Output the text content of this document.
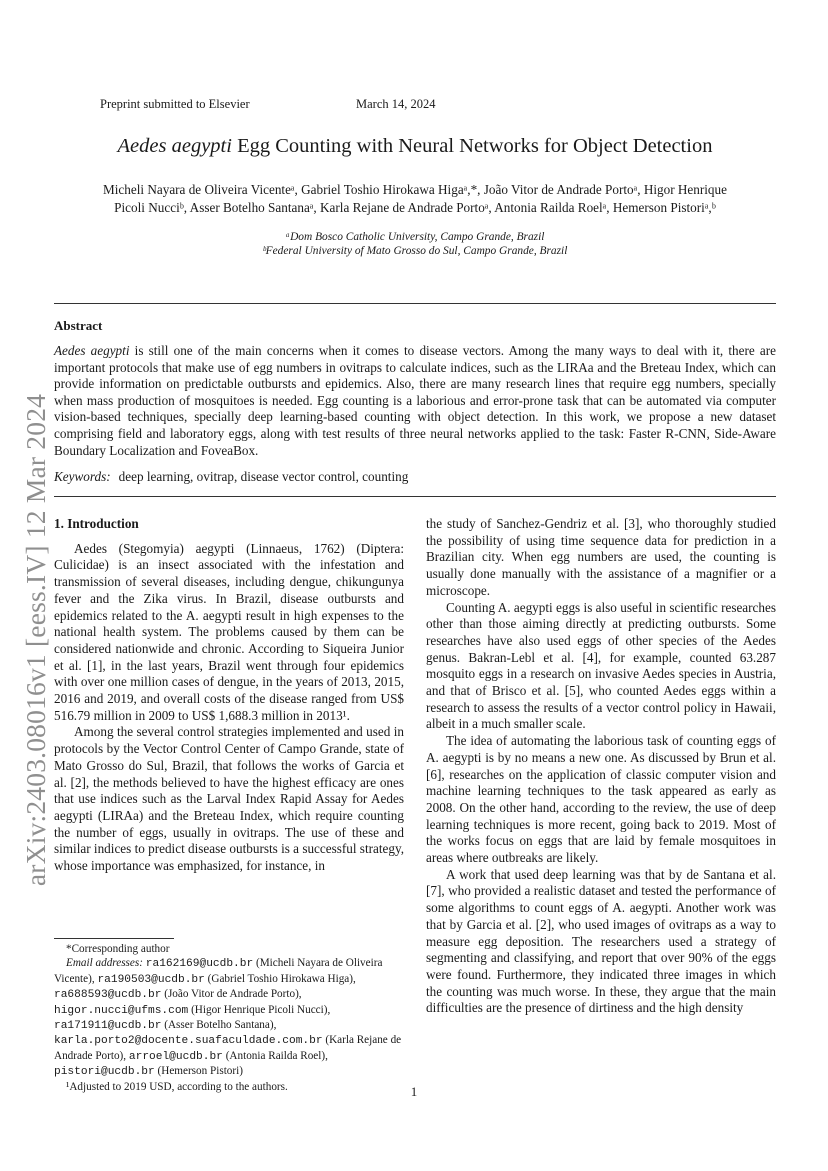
arXiv:2403.08016v1 [eess.IV] 12 Mar 2024
Preprint submitted to Elsevier	March 14, 2024
Aedes aegypti Egg Counting with Neural Networks for Object Detection
Micheli Nayara de Oliveira Vicenteᵃ, Gabriel Toshio Hirokawa Higaᵃ,*, João Vitor de Andrade Portoᵃ, Higor Henrique
Picoli Nucciᵇ, Asser Botelho Santanaᵃ, Karla Rejane de Andrade Portoᵃ, Antonia Railda Roelᵃ, Hemerson Pistoriᵃ,ᵇ
ᵃDom Bosco Catholic University, Campo Grande, Brazil
ᵇFederal University of Mato Grosso do Sul, Campo Grande, Brazil
Abstract
Aedes aegypti is still one of the main concerns when it comes to disease vectors. Among the many ways to deal with it, there are important protocols that make use of egg numbers in ovitraps to calculate indices, such as the LIRAa and the Breteau Index, which can provide information on predictable outbursts and epidemics. Also, there are many research lines that require egg numbers, specially when mass production of mosquitoes is needed. Egg counting is a laborious and error-prone task that can be automated via computer vision-based techniques, specially deep learning-based counting with object detection. In this work, we propose a new dataset comprising field and laboratory eggs, along with test results of three neural networks applied to the task: Faster R-CNN, Side-Aware Boundary Localization and FoveaBox.
Keywords: deep learning, ovitrap, disease vector control, counting
1. Introduction

Aedes (Stegomyia) aegypti (Linnaeus, 1762) (Diptera: Culicidae) is an insect associated with the infestation and transmission of several diseases, including dengue, chikungunya fever and the Zika virus. In Brazil, disease outbursts and epidemics related to the A. aegypti result in high expenses to the national health system. The problems caused by them can be considered nationwide and chronic. According to Siqueira Junior et al. [1], in the last years, Brazil went through four epidemics with over one million cases of dengue, in the years of 2013, 2015, 2016 and 2019, and overall costs of the disease ranged from US$ 516.79 million in 2009 to US$ 1,688.3 million in 2013¹.

Among the several control strategies implemented and used in protocols by the Vector Control Center of Campo Grande, state of Mato Grosso do Sul, Brazil, that follows the works of Garcia et al. [2], the methods believed to have the highest efficacy are ones that use indices such as the Larval Index Rapid Assay for Aedes aegypti (LIRAa) and the Breteau Index, which require counting the number of eggs, usually in ovitraps. The use of these and similar indices to predict disease outbursts is a successful strategy, whose importance was emphasized, for instance, in

the study of Sanchez-Gendriz et al. [3], who thoroughly studied the possibility of using time sequence data for prediction in a Brazilian city. When egg numbers are used, the counting is usually done manually with the assistance of a magnifier or a microscope.

Counting A. aegypti eggs is also useful in scientific researches other than those aiming directly at predicting outbursts. Some researches have also used eggs of other species of the Aedes genus. Bakran-Lebl et al. [4], for example, counted 63.287 mosquito eggs in a research on invasive Aedes species in Austria, and that of Brisco et al. [5], who counted Aedes eggs within a research to assess the results of a vector control policy in Hawaii, albeit in a much smaller scale.

The idea of automating the laborious task of counting eggs of A. aegypti is by no means a new one. As discussed by Brun et al. [6], researches on the application of classic computer vision and machine learning techniques to the task appeared as early as 2008. On the other hand, according to the review, the use of deep learning techniques is more recent, going back to 2019. Most of the works focus on eggs that are laid by female mosquitoes in areas where outbreaks are likely.

A work that used deep learning was that by de Santana et al. [7], who provided a realistic dataset and tested the performance of some algorithms to count eggs of A. aegypti. Another work was that by Garcia et al. [2], who used images of ovitraps as a way to measure egg deposition. The researchers used a strategy of segmenting and classifying, and report that over 90% of the eggs were found. Furthermore, they indicated three images in which the counting was much worse. In these, they argue that the main difficulties are the presence of dirtiness and the high density

*Corresponding author

Email addresses: ra162169@ucdb.br (Micheli Nayara de Oliveira Vicente), ra190503@ucdb.br (Gabriel Toshio Hirokawa Higa), ra688593@ucdb.br (João Vitor de Andrade Porto), higor.nucci@ufms.com (Higor Henrique Picoli Nucci), ra171911@ucdb.br (Asser Botelho Santana), karla.porto2@docente.suafaculdade.com.br (Karla Rejane de Andrade Porto), arroel@ucdb.br (Antonia Railda Roel), pistori@ucdb.br (Hemerson Pistori)

¹Adjusted to 2019 USD, according to the authors.	1
